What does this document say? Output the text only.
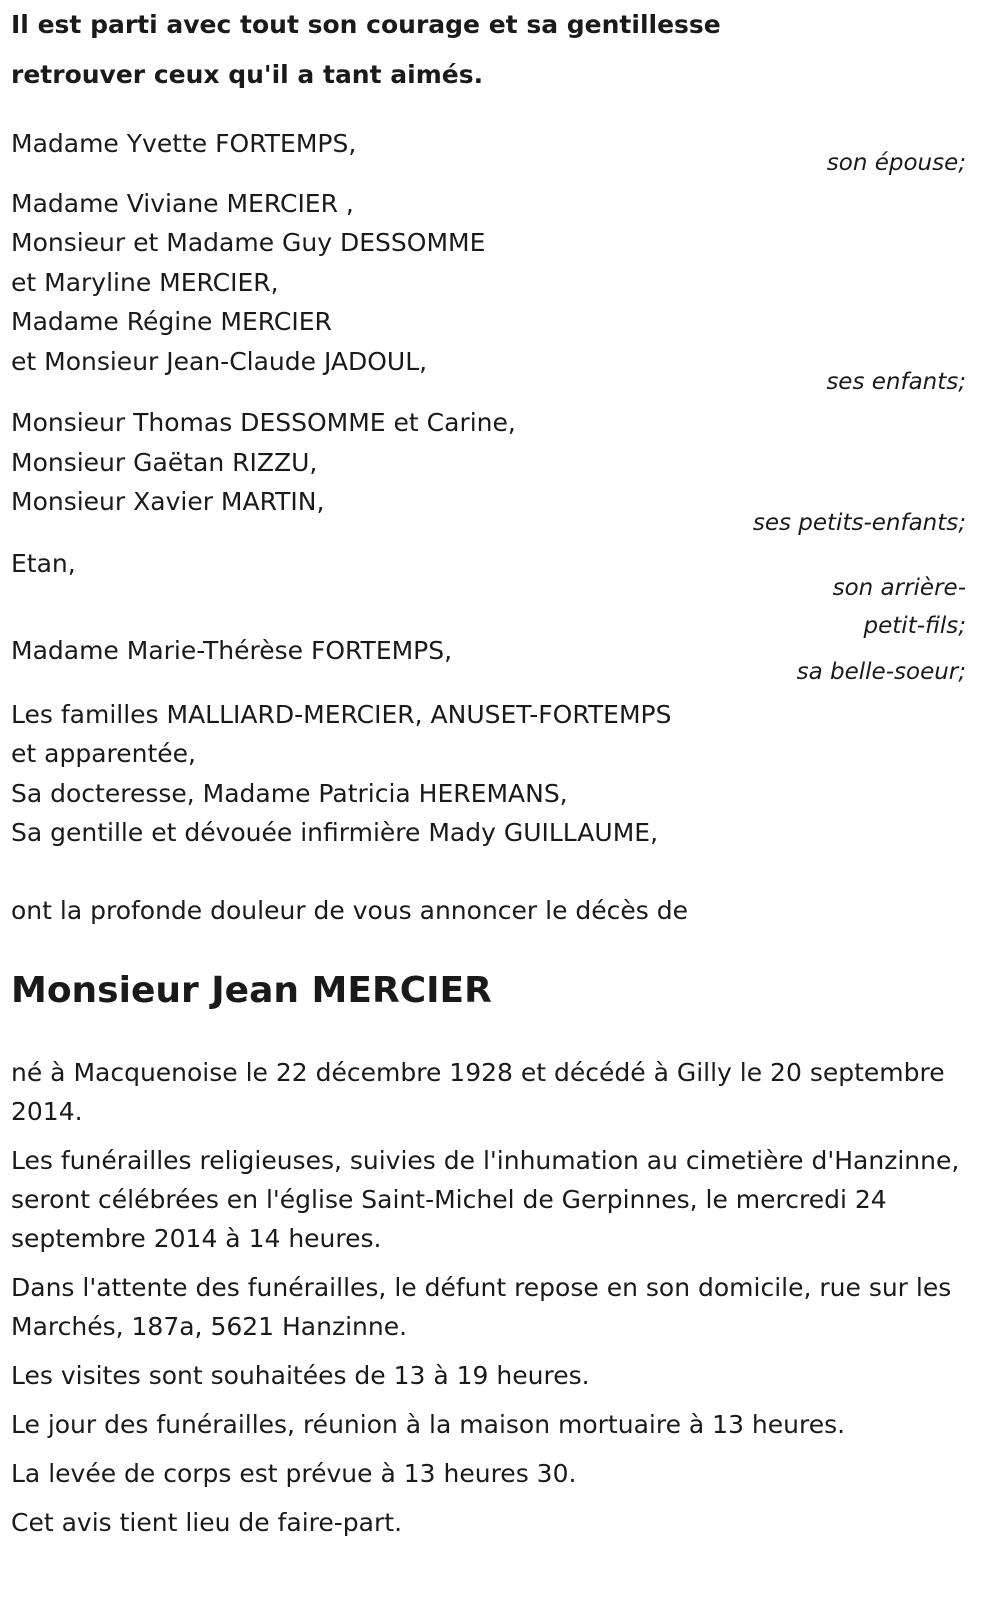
Il est parti avec tout son courage et sa gentillesse
retrouver ceux qu'il a tant aimés.
Madame Yvette FORTEMPS,
son épouse;
Madame Viviane MERCIER ,
Monsieur et Madame Guy DESSOMME
et Maryline MERCIER,
Madame Régine MERCIER
et Monsieur Jean-Claude JADOUL,
ses enfants;
Monsieur Thomas DESSOMME et Carine,
Monsieur Gaëtan RIZZU,
Monsieur Xavier MARTIN,
ses petits-enfants;
Etan,
son arrière-
petit-fils;
Madame Marie-Thérèse FORTEMPS,
sa belle-soeur;
Les familles MALLIARD-MERCIER, ANUSET-FORTEMPS
et apparentée,
Sa docteresse, Madame Patricia HEREMANS,
Sa gentille et dévouée infirmière Mady GUILLAUME,

ont la profonde douleur de vous annoncer le décès de

Monsieur Jean MERCIER

né à Macquenoise le 22 décembre 1928 et décédé à Gilly le 20 septembre 2014.

Les funérailles religieuses, suivies de l'inhumation au cimetière d'Hanzinne, seront célébrées en l'église Saint-Michel de Gerpinnes, le mercredi 24 septembre 2014 à 14 heures.

Dans l'attente des funérailles, le défunt repose en son domicile, rue sur les Marchés, 187a, 5621 Hanzinne.

Les visites sont souhaitées de 13 à 19 heures.

Le jour des funérailles, réunion à la maison mortuaire à 13 heures.

La levée de corps est prévue à 13 heures 30.

Cet avis tient lieu de faire-part.
